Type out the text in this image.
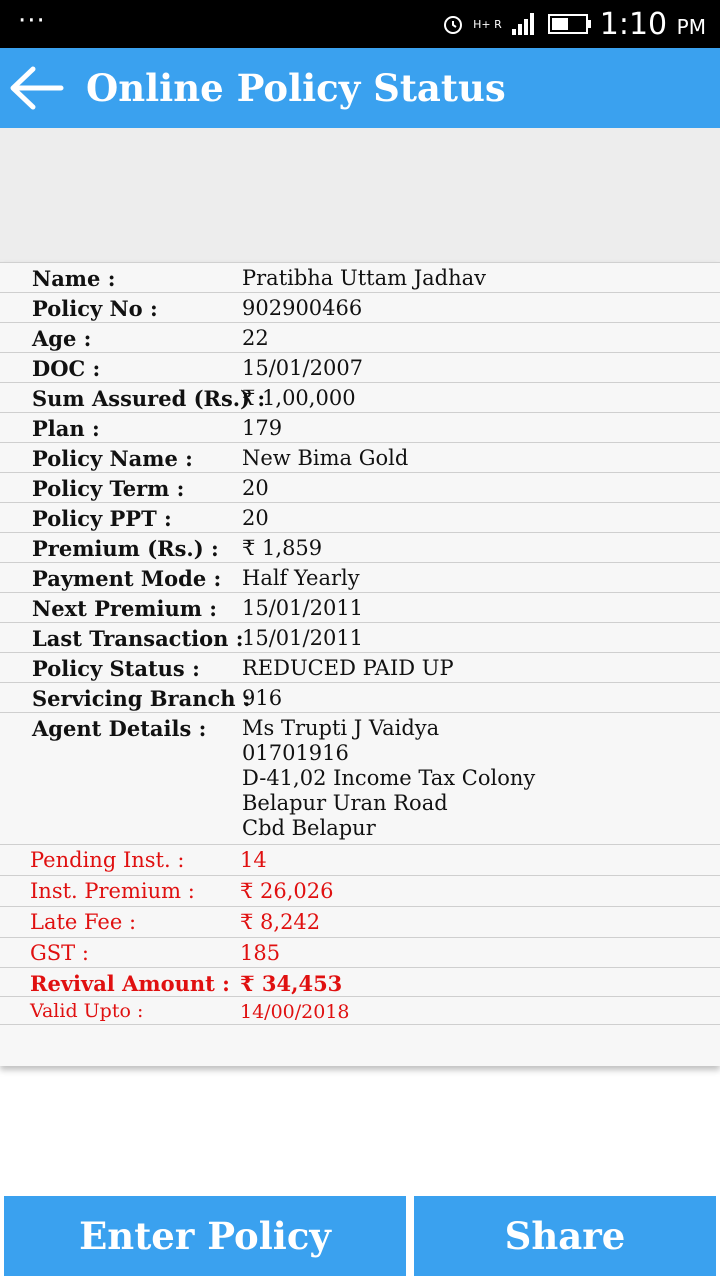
···	H+ R	1:10 PM
Online Policy Status
Name :	Pratibha Uttam Jadhav
Policy No :	902900466
Age :	22
DOC :	15/01/2007
Sum Assured (Rs.) :
₹ 1,00,000
Plan :	179
Policy Name : New Bima Gold
Policy Term :	20
Policy PPT :	20
Premium (Rs.) : ₹ 1,859
Payment Mode : Half Yearly
Next Premium : 15/01/2011
Last Transaction :
15/01/2011
Policy Status : REDUCED PAID UP
Servicing Branch :
916
Agent Details : Ms Trupti J Vaidya
01701916
D-41,02 Income Tax Colony
Belapur Uran Road
Cbd Belapur
Pending Inst. :	14
Inst. Premium : ₹ 26,026
Late Fee :	₹ 8,242
GST :	185
Revival Amount : ₹ 34,453
Valid Upto :	14/00/2018
Enter Policy	Share
